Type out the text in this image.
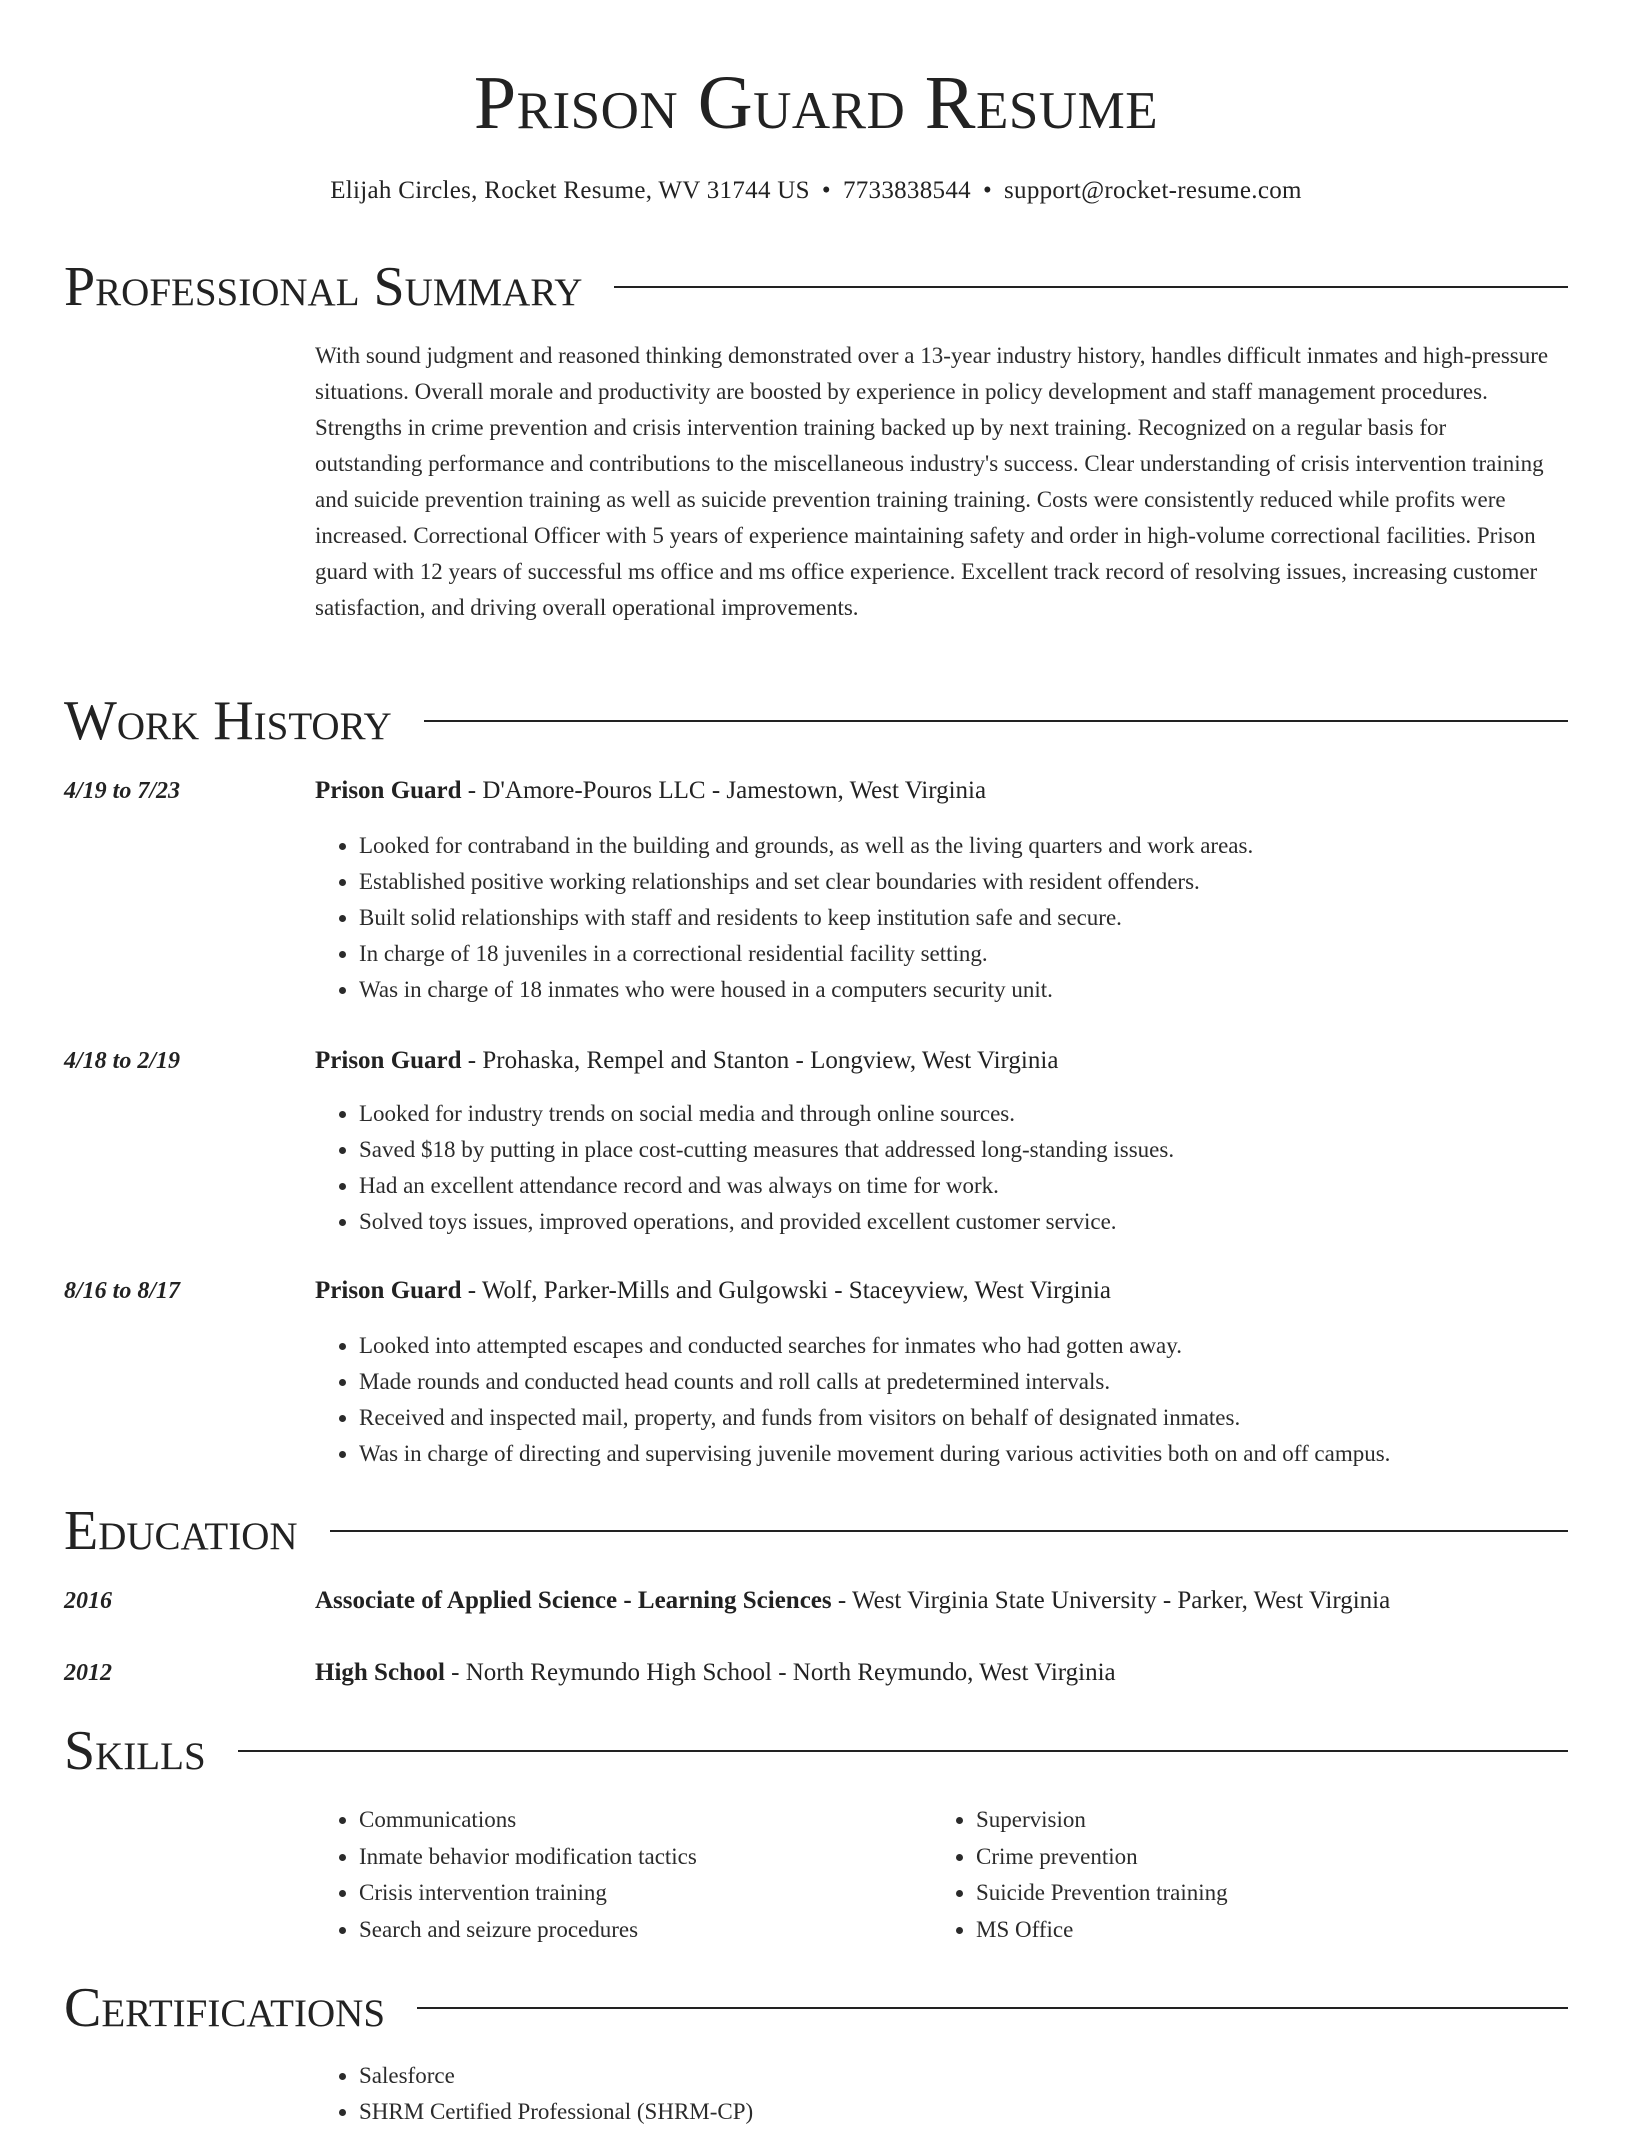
Prison Guard Resume
Elijah Circles, Rocket Resume, WV 31744 US • 7733838544 • support@rocket-resume.com
Professional Summary
With sound judgment and reasoned thinking demonstrated over a 13-year industry history, handles difficult inmates and high-pressure situations. Overall morale and productivity are boosted by experience in policy development and staff management procedures. Strengths in crime prevention and crisis intervention training backed up by next training. Recognized on a regular basis for outstanding performance and contributions to the miscellaneous industry's success. Clear understanding of crisis intervention training and suicide prevention training as well as suicide prevention training training. Costs were consistently reduced while profits were increased. Correctional Officer with 5 years of experience maintaining safety and order in high-volume correctional facilities. Prison guard with 12 years of successful ms office and ms office experience. Excellent track record of resolving issues, increasing customer satisfaction, and driving overall operational improvements.
Work History
4/19 to 7/23	Prison Guard - D'Amore-Pouros LLC - Jamestown, West Virginia
• Looked for contraband in the building and grounds, as well as the living quarters and work areas.
• Established positive working relationships and set clear boundaries with resident offenders.
• Built solid relationships with staff and residents to keep institution safe and secure.
• In charge of 18 juveniles in a correctional residential facility setting.
• Was in charge of 18 inmates who were housed in a computers security unit.
4/18 to 2/19	Prison Guard - Prohaska, Rempel and Stanton - Longview, West Virginia
• Looked for industry trends on social media and through online sources.
• Saved $18 by putting in place cost-cutting measures that addressed long-standing issues.
• Had an excellent attendance record and was always on time for work.
• Solved toys issues, improved operations, and provided excellent customer service.
8/16 to 8/17	Prison Guard - Wolf, Parker-Mills and Gulgowski - Staceyview, West Virginia
• Looked into attempted escapes and conducted searches for inmates who had gotten away.
• Made rounds and conducted head counts and roll calls at predetermined intervals.
• Received and inspected mail, property, and funds from visitors on behalf of designated inmates.
• Was in charge of directing and supervising juvenile movement during various activities both on and off campus.
Education
2016	Associate of Applied Science - Learning Sciences - West Virginia State University - Parker, West Virginia
2012	High School - North Reymundo High School - North Reymundo, West Virginia
Skills
• Communications
• Inmate behavior modification tactics
• Crisis intervention training
• Search and seizure procedures
• Supervision
• Crime prevention
• Suicide Prevention training
• MS Office
Certifications
• Salesforce
• SHRM Certified Professional (SHRM-CP)
